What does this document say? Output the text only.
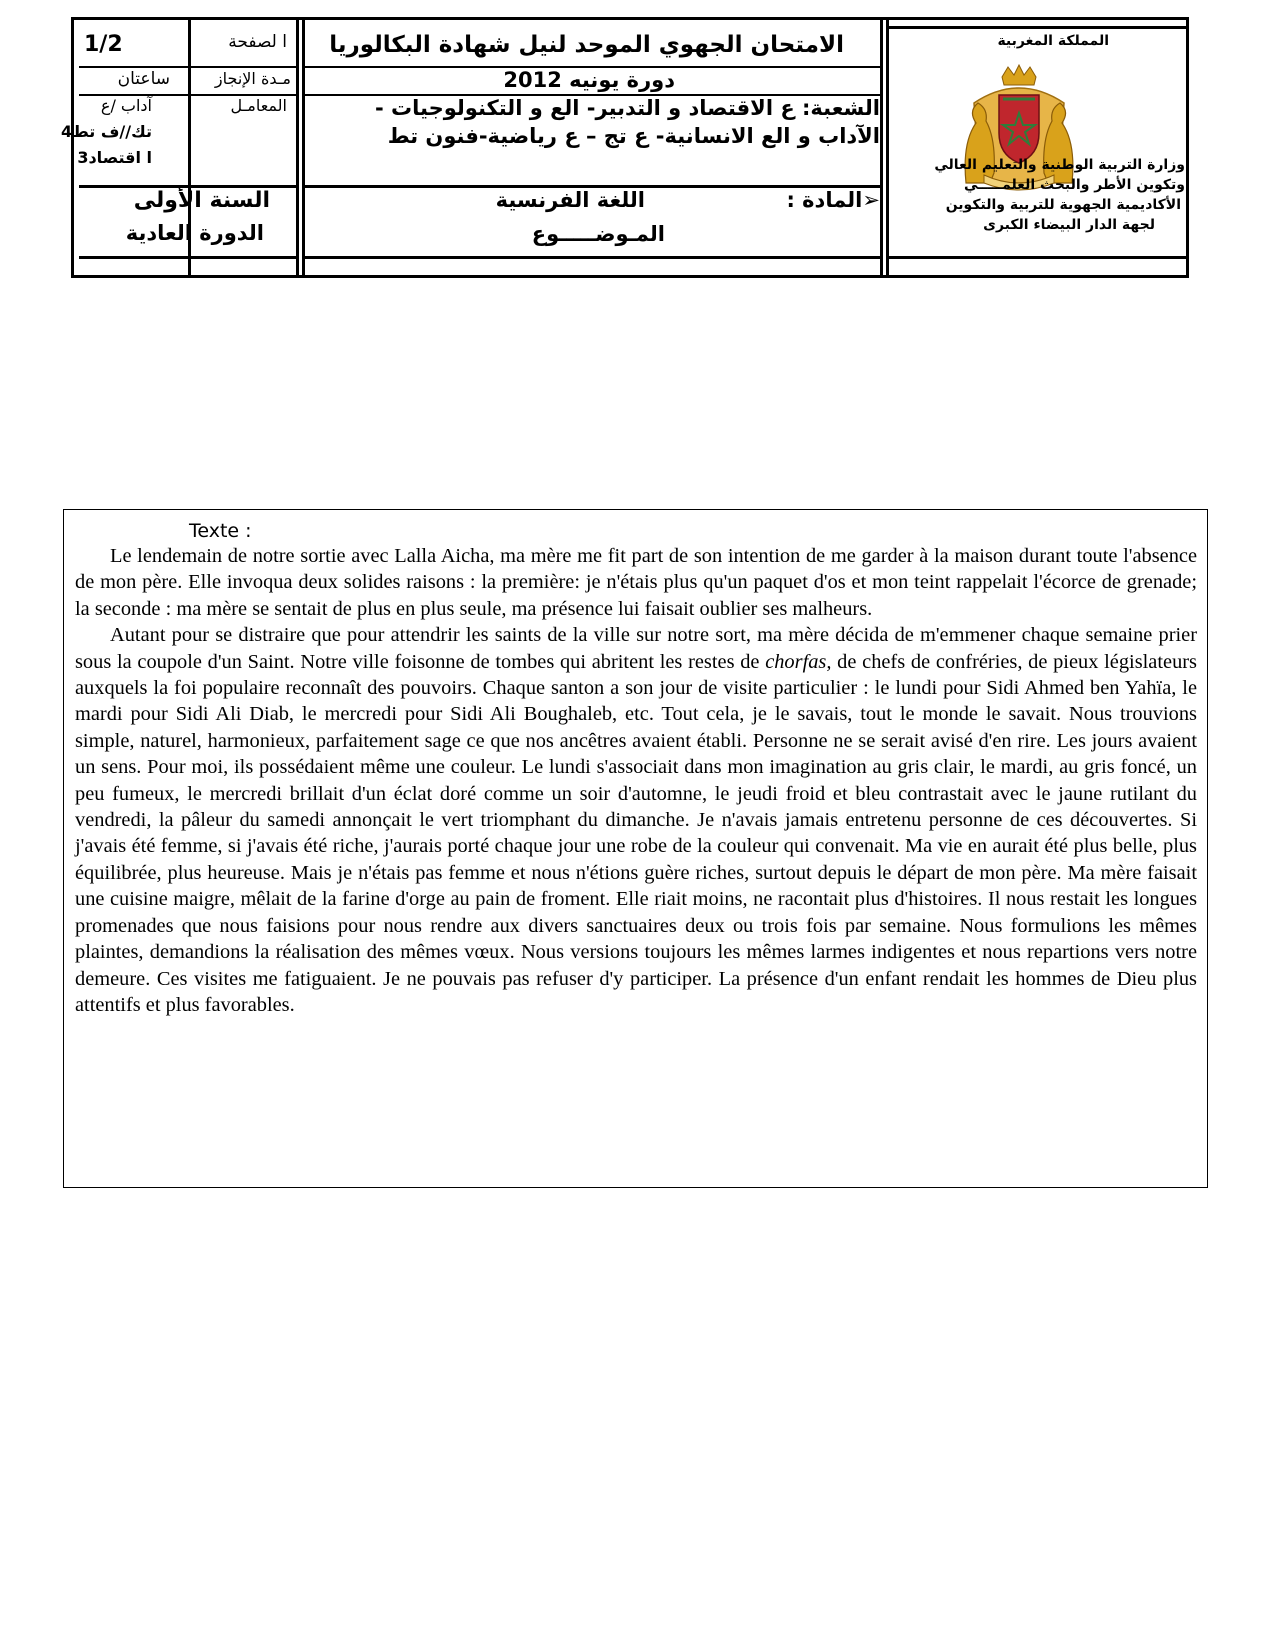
1/2	ا لصفحة
ساعتان	مـدة الإنجاز
آداب /ع
تك//ف تط4
ا اقتصاد3
المعامـل
السنة الأولى
الدورة العادية
الامتحان الجهوي الموحد لنيل شهادة البكالوريا
دورة يونيه 2012
الشعبة: ع الاقتصاد و التدبير- الع و التكنولوجيات -
الآداب و الع الانسانية- ع تج – ع رياضية-فنون تط
➢المادة :
اللغة الفرنسية
المـوضـــــوع
المملكة المغربية
وزارة التربية الوطنية والتعليم العالي
وتكوين الأطر والبحث العلمـــــي
الأكاديمية الجهوية للتربية والتكوين
لجهة الدار البيضاء الكبرى
Texte :

Le lendemain de notre sortie avec Lalla Aicha, ma mère me fit part de son intention de me garder à la maison durant toute l'absence de mon père. Elle invoqua deux solides raisons : la première: je n'étais plus qu'un paquet d'os et mon teint rappelait l'écorce de grenade; la seconde : ma mère se sentait de plus en plus seule, ma présence lui faisait oublier ses malheurs.

Autant pour se distraire que pour attendrir les saints de la ville sur notre sort, ma mère décida de m'emmener chaque semaine prier sous la coupole d'un Saint. Notre ville foisonne de tombes qui abritent les restes de chorfas, de chefs de confréries, de pieux législateurs auxquels la foi populaire reconnaît des pouvoirs. Chaque santon a son jour de visite particulier : le lundi pour Sidi Ahmed ben Yahïa, le mardi pour Sidi Ali Diab, le mercredi pour Sidi Ali Boughaleb, etc. Tout cela, je le savais, tout le monde le savait. Nous trouvions simple, naturel, harmonieux, parfaitement sage ce que nos ancêtres avaient établi. Personne ne se serait avisé d'en rire. Les jours avaient un sens. Pour moi, ils possédaient même une couleur. Le lundi s'associait dans mon imagination au gris clair, le mardi, au gris foncé, un peu fumeux, le mercredi brillait d'un éclat doré comme un soir d'automne, le jeudi froid et bleu contrastait avec le jaune rutilant du vendredi, la pâleur du samedi annonçait le vert triomphant du dimanche. Je n'avais jamais entretenu personne de ces découvertes. Si j'avais été femme, si j'avais été riche, j'aurais porté chaque jour une robe de la couleur qui convenait. Ma vie en aurait été plus belle, plus équilibrée, plus heureuse. Mais je n'étais pas femme et nous n'étions guère riches, surtout depuis le départ de mon père. Ma mère faisait une cuisine maigre, mêlait de la farine d'orge au pain de froment. Elle riait moins, ne racontait plus d'histoires. Il nous restait les longues promenades que nous faisions pour nous rendre aux divers sanctuaires deux ou trois fois par semaine. Nous formulions les mêmes plaintes, demandions la réalisation des mêmes vœux. Nous versions toujours les mêmes larmes indigentes et nous repartions vers notre demeure. Ces visites me fatiguaient. Je ne pouvais pas refuser d'y participer. La présence d'un enfant rendait les hommes de Dieu plus attentifs et plus favorables.
